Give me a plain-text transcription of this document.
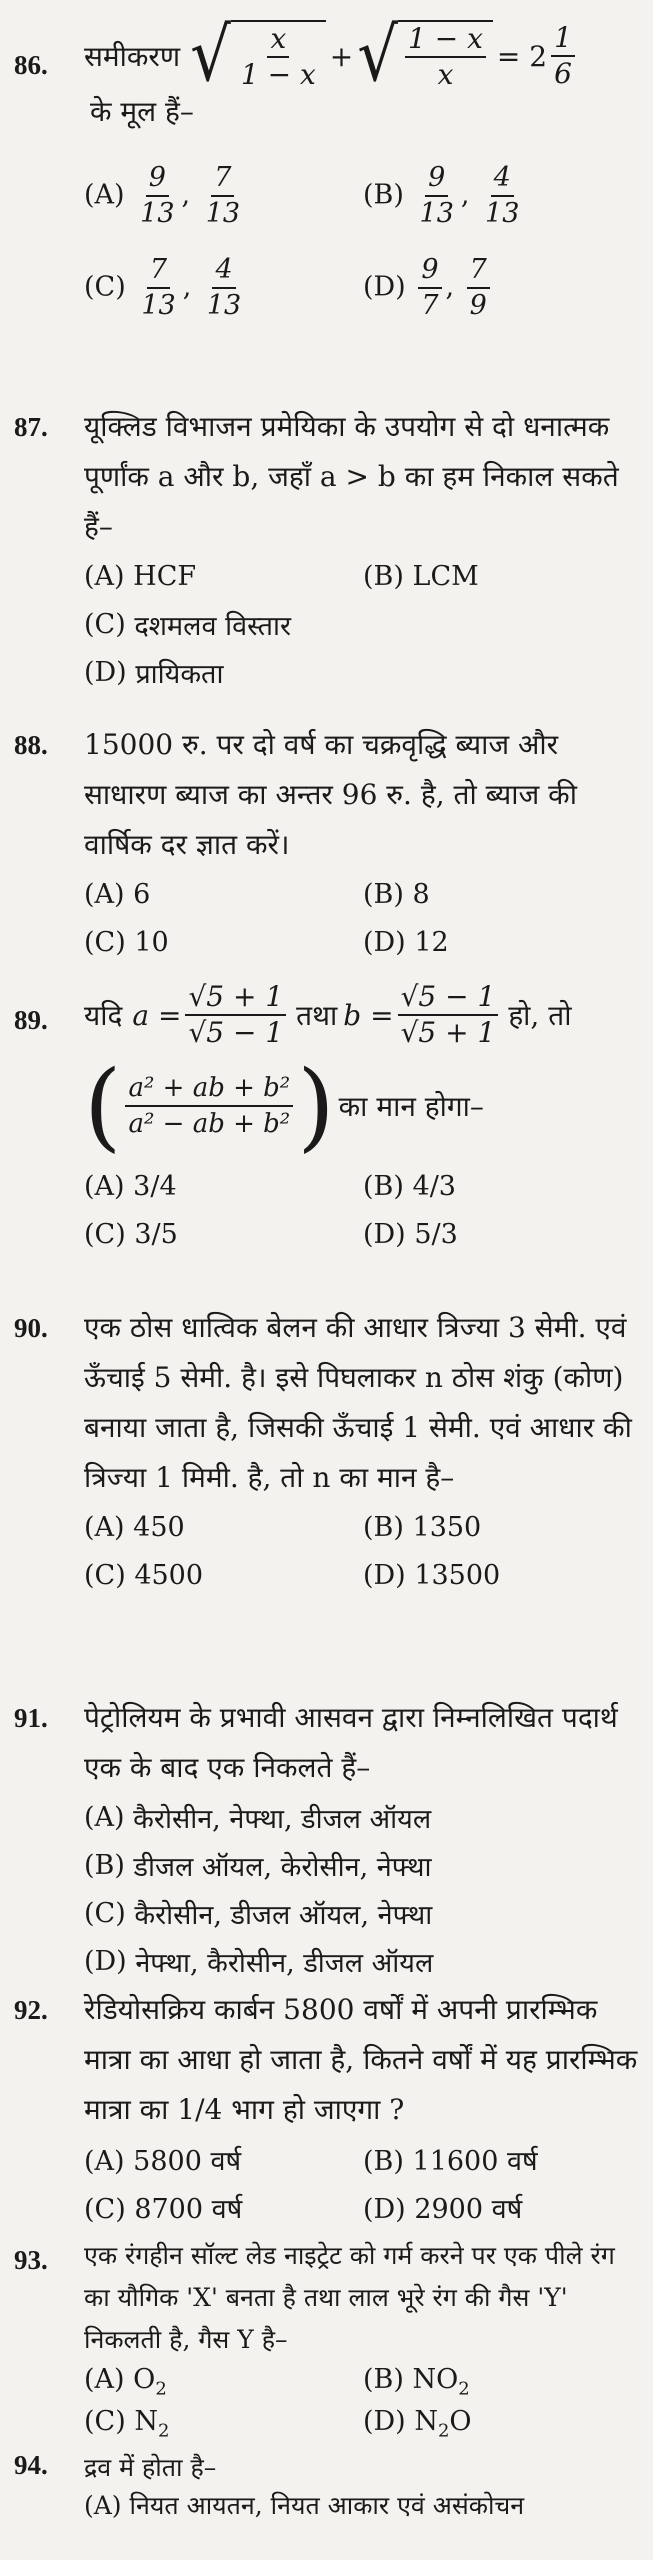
86. समीकरण √ $\frac{x}{1 - x}$ + √ $\frac{1 - x}{x} = 2 \frac{1}{6}$
के मूल हैं–
$(A) \frac{9}{13}$ , $\frac{7}{13}$	$(B) \frac{9}{13}$ , $\frac{4}{13}$
$(C) \frac{7}{13}$ , $\frac{4}{13}$	$(D) \frac{9}{7}$ , $\frac{7}{9}$
87. यूक्लिड विभाजन प्रमेयिका के उपयोग से दो धनात्मक पूर्णांक a और b, जहाँ a > b का हम निकाल सकते हैं–
(A) HCF	(B) LCM
(C)
दशमलव विस्तार
(D)
प्रायिकता
88. 15000 रु. पर दो वर्ष का चक्रवृद्धि ब्याज और साधारण ब्याज का अन्तर 96 रु. है, तो ब्याज की वार्षिक दर ज्ञात करें।
(A) 6	(B) 8
(C) 10	(D) 12
89. यदि $a = \frac{√5 + 1}{√5 - 1}$ तथा $b = \frac{√5 - 1}{√5 + 1}$ हो, तो
( $\frac{\text{a² + ab + b²}}{\text{a² − ab + b²}}$ ) का मान होगा–
(A) 3/4	(B) 4/3
(C) 3/5	(D) 5/3
90. एक ठोस धात्विक बेलन की आधार त्रिज्या 3 सेमी. एवं ऊँचाई 5 सेमी. है। इसे पिघलाकर n ठोस शंकु (कोण) बनाया जाता है, जिसकी ऊँचाई 1 सेमी. एवं आधार की त्रिज्या 1 मिमी. है, तो n का मान है–
(A) 450	(B) 1350
(C) 4500	(D) 13500
91. पेट्रोलियम के प्रभावी आसवन द्वारा निम्नलिखित पदार्थ एक के बाद एक निकलते हैं–
(A)
कैरोसीन, नेफ्था, डीजल ऑयल
(B)
डीजल ऑयल, केरोसीन, नेफ्था
(C)
कैरोसीन, डीजल ऑयल, नेफ्था
(D)
नेफ्था, कैरोसीन, डीजल ऑयल
92. रेडियोसक्रिय कार्बन 5800 वर्षों में अपनी प्रारम्भिक मात्रा का आधा हो जाता है, कितने वर्षों में यह प्रारम्भिक मात्रा का 1/4 भाग हो जाएगा ?
(A) 5800 वर्ष	(B) 11600 वर्ष
(C) 8700 वर्ष	(D) 2900 वर्ष
93. एक रंगहीन सॉल्ट लेड नाइट्रेट को गर्म करने पर एक पीले रंग का यौगिक 'X' बनता है तथा लाल भूरे रंग की गैस 'Y' निकलती है, गैस Y है–
(A) $O_2$	(B) $NO_2$
(C) $N_2$	(D) $N_2O$
94. द्रव में होता है–
(A) नियत आयतन, नियत आकार एवं असंकोचन
